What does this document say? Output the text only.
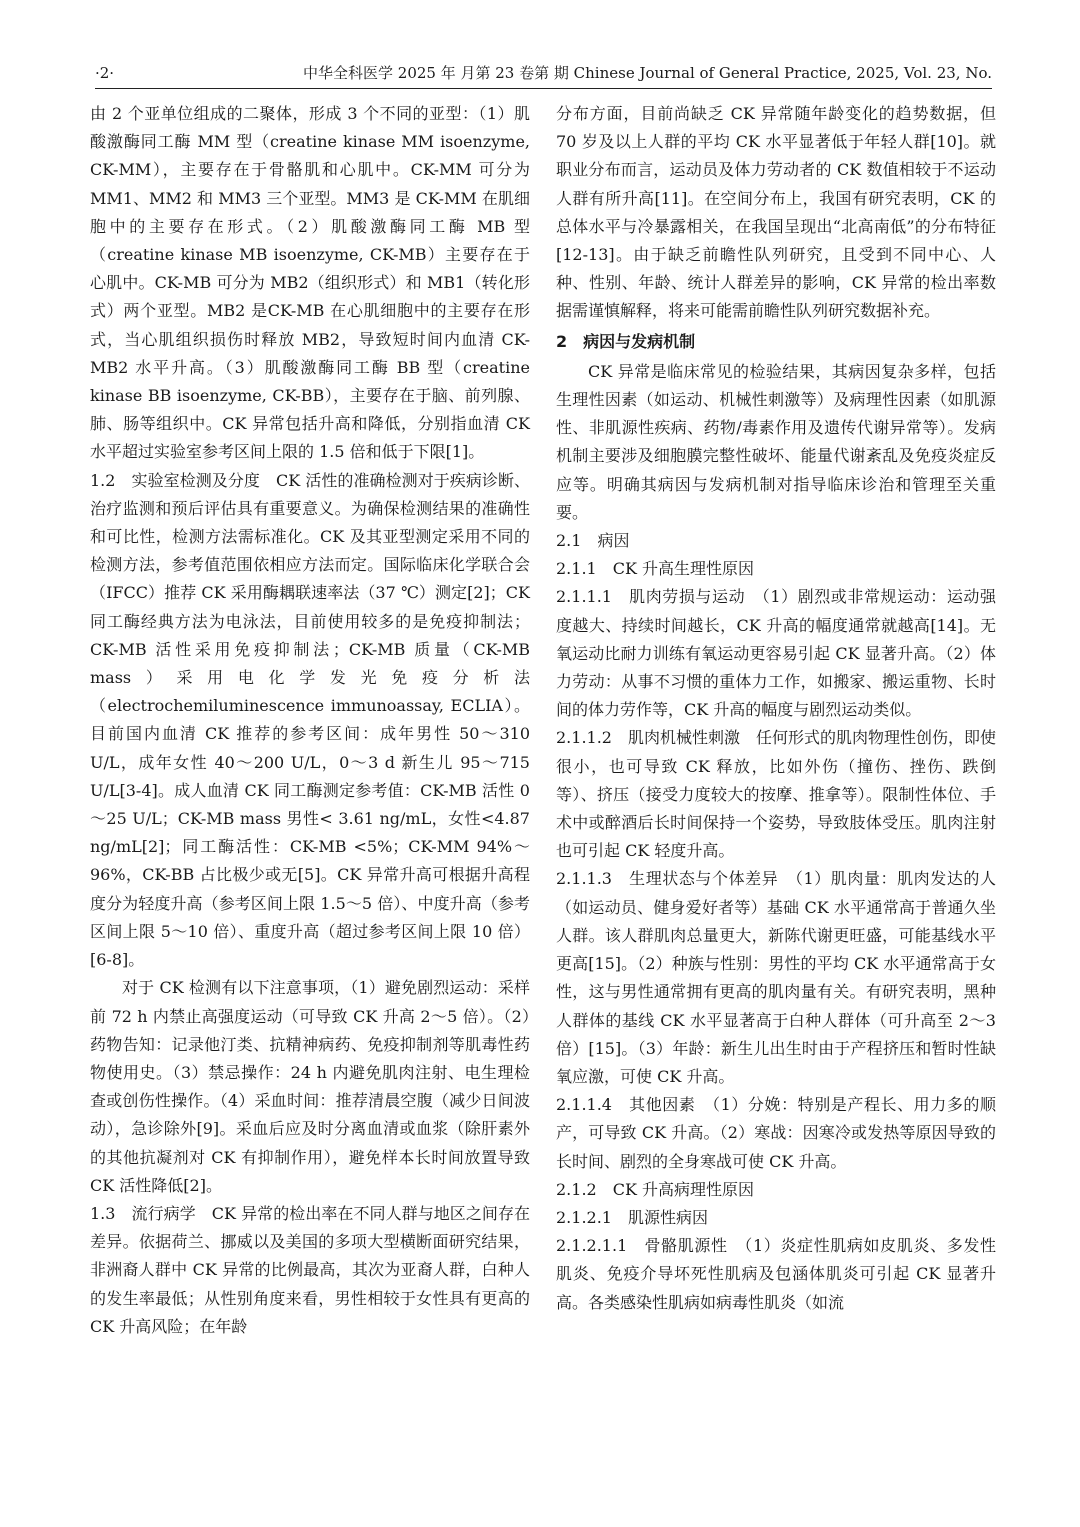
·2·	中华全科医学 2025 年 月第 23 卷第 期 Chinese Journal of General Practice, 2025, Vol. 23, No.

由 2 个亚单位组成的二聚体，形成 3 个不同的亚型：（1）肌酸激酶同工酶 MM 型（creatine kinase MM isoenzyme, CK-MM），主要存在于骨骼肌和心肌中。CK-MM 可分为 MM1、MM2 和 MM3 三个亚型。MM3 是 CK-MM 在肌细胞中的主要存在形式。（2）肌酸激酶同工酶 MB 型（creatine kinase MB isoenzyme, CK-MB）主要存在于心肌中。CK-MB 可分为 MB2（组织形式）和 MB1（转化形式）两个亚型。MB2 是CK-MB 在心肌细胞中的主要存在形式，当心肌组织损伤时释放 MB2，导致短时间内血清 CK-MB2 水平升高。（3）肌酸激酶同工酶 BB 型（creatine kinase BB isoenzyme, CK-BB），主要存在于脑、前列腺、肺、肠等组织中。CK 异常包括升高和降低，分别指血清 CK 水平超过实验室参考区间上限的 1.5 倍和低于下限[1]。

1.2　实验室检测及分度　CK 活性的准确检测对于疾病诊断、治疗监测和预后评估具有重要意义。为确保检测结果的准确性和可比性，检测方法需标准化。CK 及其亚型测定采用不同的检测方法，参考值范围依相应方法而定。国际临床化学联合会（IFCC）推荐 CK 采用酶耦联速率法（37 ℃）测定[2]；CK 同工酶经典方法为电泳法，目前使用较多的是免疫抑制法；CK-MB 活性采用免疫抑制法；CK-MB 质量（CK-MB mass）采用电化学发光免疫分析法（electrochemiluminescence immunoassay, ECLIA）。目前国内血清 CK 推荐的参考区间：成年男性 50～310 U/L，成年女性 40～200 U/L，0～3 d 新生儿 95～715 U/L[3-4]。成人血清 CK 同工酶测定参考值：CK-MB 活性 0～25 U/L；CK-MB mass 男性< 3.61 ng/mL，女性<4.87 ng/mL[2]；同工酶活性：CK-MB <5%；CK-MM 94%～96%，CK-BB 占比极少或无[5]。CK 异常升高可根据升高程度分为轻度升高（参考区间上限 1.5～5 倍）、中度升高（参考区间上限 5～10 倍）、重度升高（超过参考区间上限 10 倍）[6-8]。

对于 CK 检测有以下注意事项，（1）避免剧烈运动：采样前 72 h 内禁止高强度运动（可导致 CK 升高 2～5 倍）。（2）药物告知：记录他汀类、抗精神病药、免疫抑制剂等肌毒性药物使用史。（3）禁忌操作：24 h 内避免肌肉注射、电生理检查或创伤性操作。（4）采血时间：推荐清晨空腹（减少日间波动），急诊除外[9]。采血后应及时分离血清或血浆（除肝素外的其他抗凝剂对 CK 有抑制作用），避免样本长时间放置导致 CK 活性降低[2]。

1.3　流行病学　CK 异常的检出率在不同人群与地区之间存在差异。依据荷兰、挪威以及美国的多项大型横断面研究结果，非洲裔人群中 CK 异常的比例最高，其次为亚裔人群，白种人的发生率最低；从性别角度来看，男性相较于女性具有更高的 CK 升高风险；在年龄

分布方面，目前尚缺乏 CK 异常随年龄变化的趋势数据，但 70 岁及以上人群的平均 CK 水平显著低于年轻人群[10]。就职业分布而言，运动员及体力劳动者的 CK 数值相较于不运动人群有所升高[11]。在空间分布上，我国有研究表明，CK 的总体水平与冷暴露相关，在我国呈现出“北高南低”的分布特征[12-13]。由于缺乏前瞻性队列研究，且受到不同中心、人种、性别、年龄、统计人群差异的影响，CK 异常的检出率数据需谨慎解释，将来可能需前瞻性队列研究数据补充。

2　病因与发病机制

CK 异常是临床常见的检验结果，其病因复杂多样，包括生理性因素（如运动、机械性刺激等）及病理性因素（如肌源性、非肌源性疾病、药物/毒素作用及遗传代谢异常等）。发病机制主要涉及细胞膜完整性破坏、能量代谢紊乱及免疫炎症反应等。明确其病因与发病机制对指导临床诊治和管理至关重要。

2.1　病因

2.1.1　CK 升高生理性原因

2.1.1.1　肌肉劳损与运动　（1）剧烈或非常规运动：运动强度越大、持续时间越长，CK 升高的幅度通常就越高[14]。无氧运动比耐力训练有氧运动更容易引起 CK 显著升高。（2）体力劳动：从事不习惯的重体力工作，如搬家、搬运重物、长时间的体力劳作等，CK 升高的幅度与剧烈运动类似。

2.1.1.2　肌肉机械性刺激　任何形式的肌肉物理性创伤，即使很小，也可导致 CK 释放，比如外伤（撞伤、挫伤、跌倒等）、挤压（接受力度较大的按摩、推拿等）。限制性体位、手术中或醉酒后长时间保持一个姿势，导致肢体受压。肌肉注射也可引起 CK 轻度升高。

2.1.1.3　生理状态与个体差异　（1）肌肉量：肌肉发达的人（如运动员、健身爱好者等）基础 CK 水平通常高于普通久坐人群。该人群肌肉总量更大，新陈代谢更旺盛，可能基线水平更高[15]。（2）种族与性别：男性的平均 CK 水平通常高于女性，这与男性通常拥有更高的肌肉量有关。有研究表明，黑种人群体的基线 CK 水平显著高于白种人群体（可升高至 2～3 倍）[15]。（3）年龄：新生儿出生时由于产程挤压和暂时性缺氧应激，可使 CK 升高。

2.1.1.4　其他因素　（1）分娩：特别是产程长、用力多的顺产，可导致 CK 升高。（2）寒战：因寒冷或发热等原因导致的长时间、剧烈的全身寒战可使 CK 升高。

2.1.2　CK 升高病理性原因

2.1.2.1　肌源性病因

2.1.2.1.1　骨骼肌源性　（1）炎症性肌病如皮肌炎、多发性肌炎、免疫介导坏死性肌病及包涵体肌炎可引起 CK 显著升高。各类感染性肌病如病毒性肌炎（如流
